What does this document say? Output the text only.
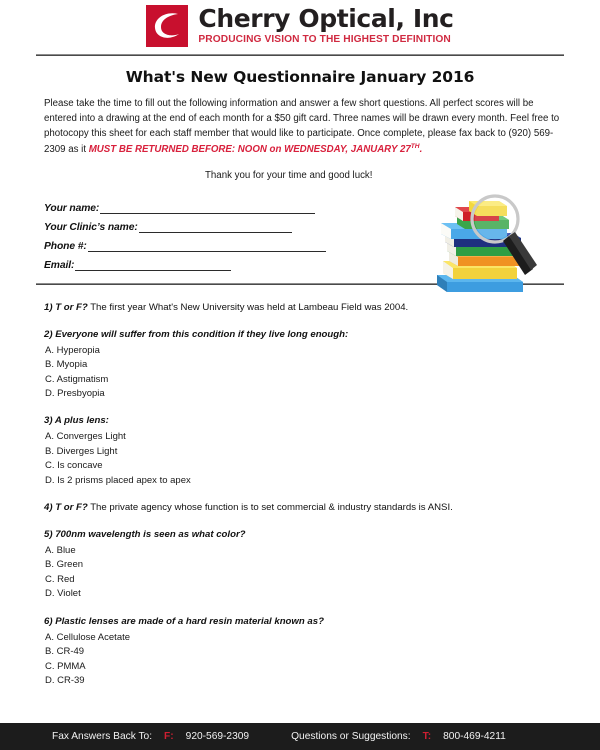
Cherry Optical, Inc
PRODUCING VISION TO THE HIGHEST DEFINITION
What's New Questionnaire January 2016
Please take the time to fill out the following information and answer a few short questions. All perfect scores will be entered into a drawing at the end of each month for a $50 gift card. Three names will be drawn every month. Feel free to photocopy this sheet for each staff member that would like to participate. Once complete, please fax back to (920) 569-2309 as it MUST BE RETURNED BEFORE: NOON on WEDNESDAY, JANUARY 27TH.
Thank you for your time and good luck!
Your name:
Your Clinic’s name:
Phone #:
Email:
1) T or F? The first year What's New University was held at Lambeau Field was 2004.
2) Everyone will suffer from this condition if they live long enough:
A. Hyperopia
B. Myopia
C. Astigmatism
D. Presbyopia
3) A plus lens:
A. Converges Light
B. Diverges Light
C. Is concave
D. Is 2 prisms placed apex to apex
4) T or F? The private agency whose function is to set commercial & industry standards is ANSI.
5) 700nm wavelength is seen as what color?
A. Blue
B. Green
C. Red
D. Violet
6) Plastic lenses are made of a hard resin material known as?
A. Cellulose Acetate
B. CR-49
C. PMMA
D. CR-39
Fax Answers Back To: F: 920-569-2309	Questions or Suggestions: T: 800-469-4211
